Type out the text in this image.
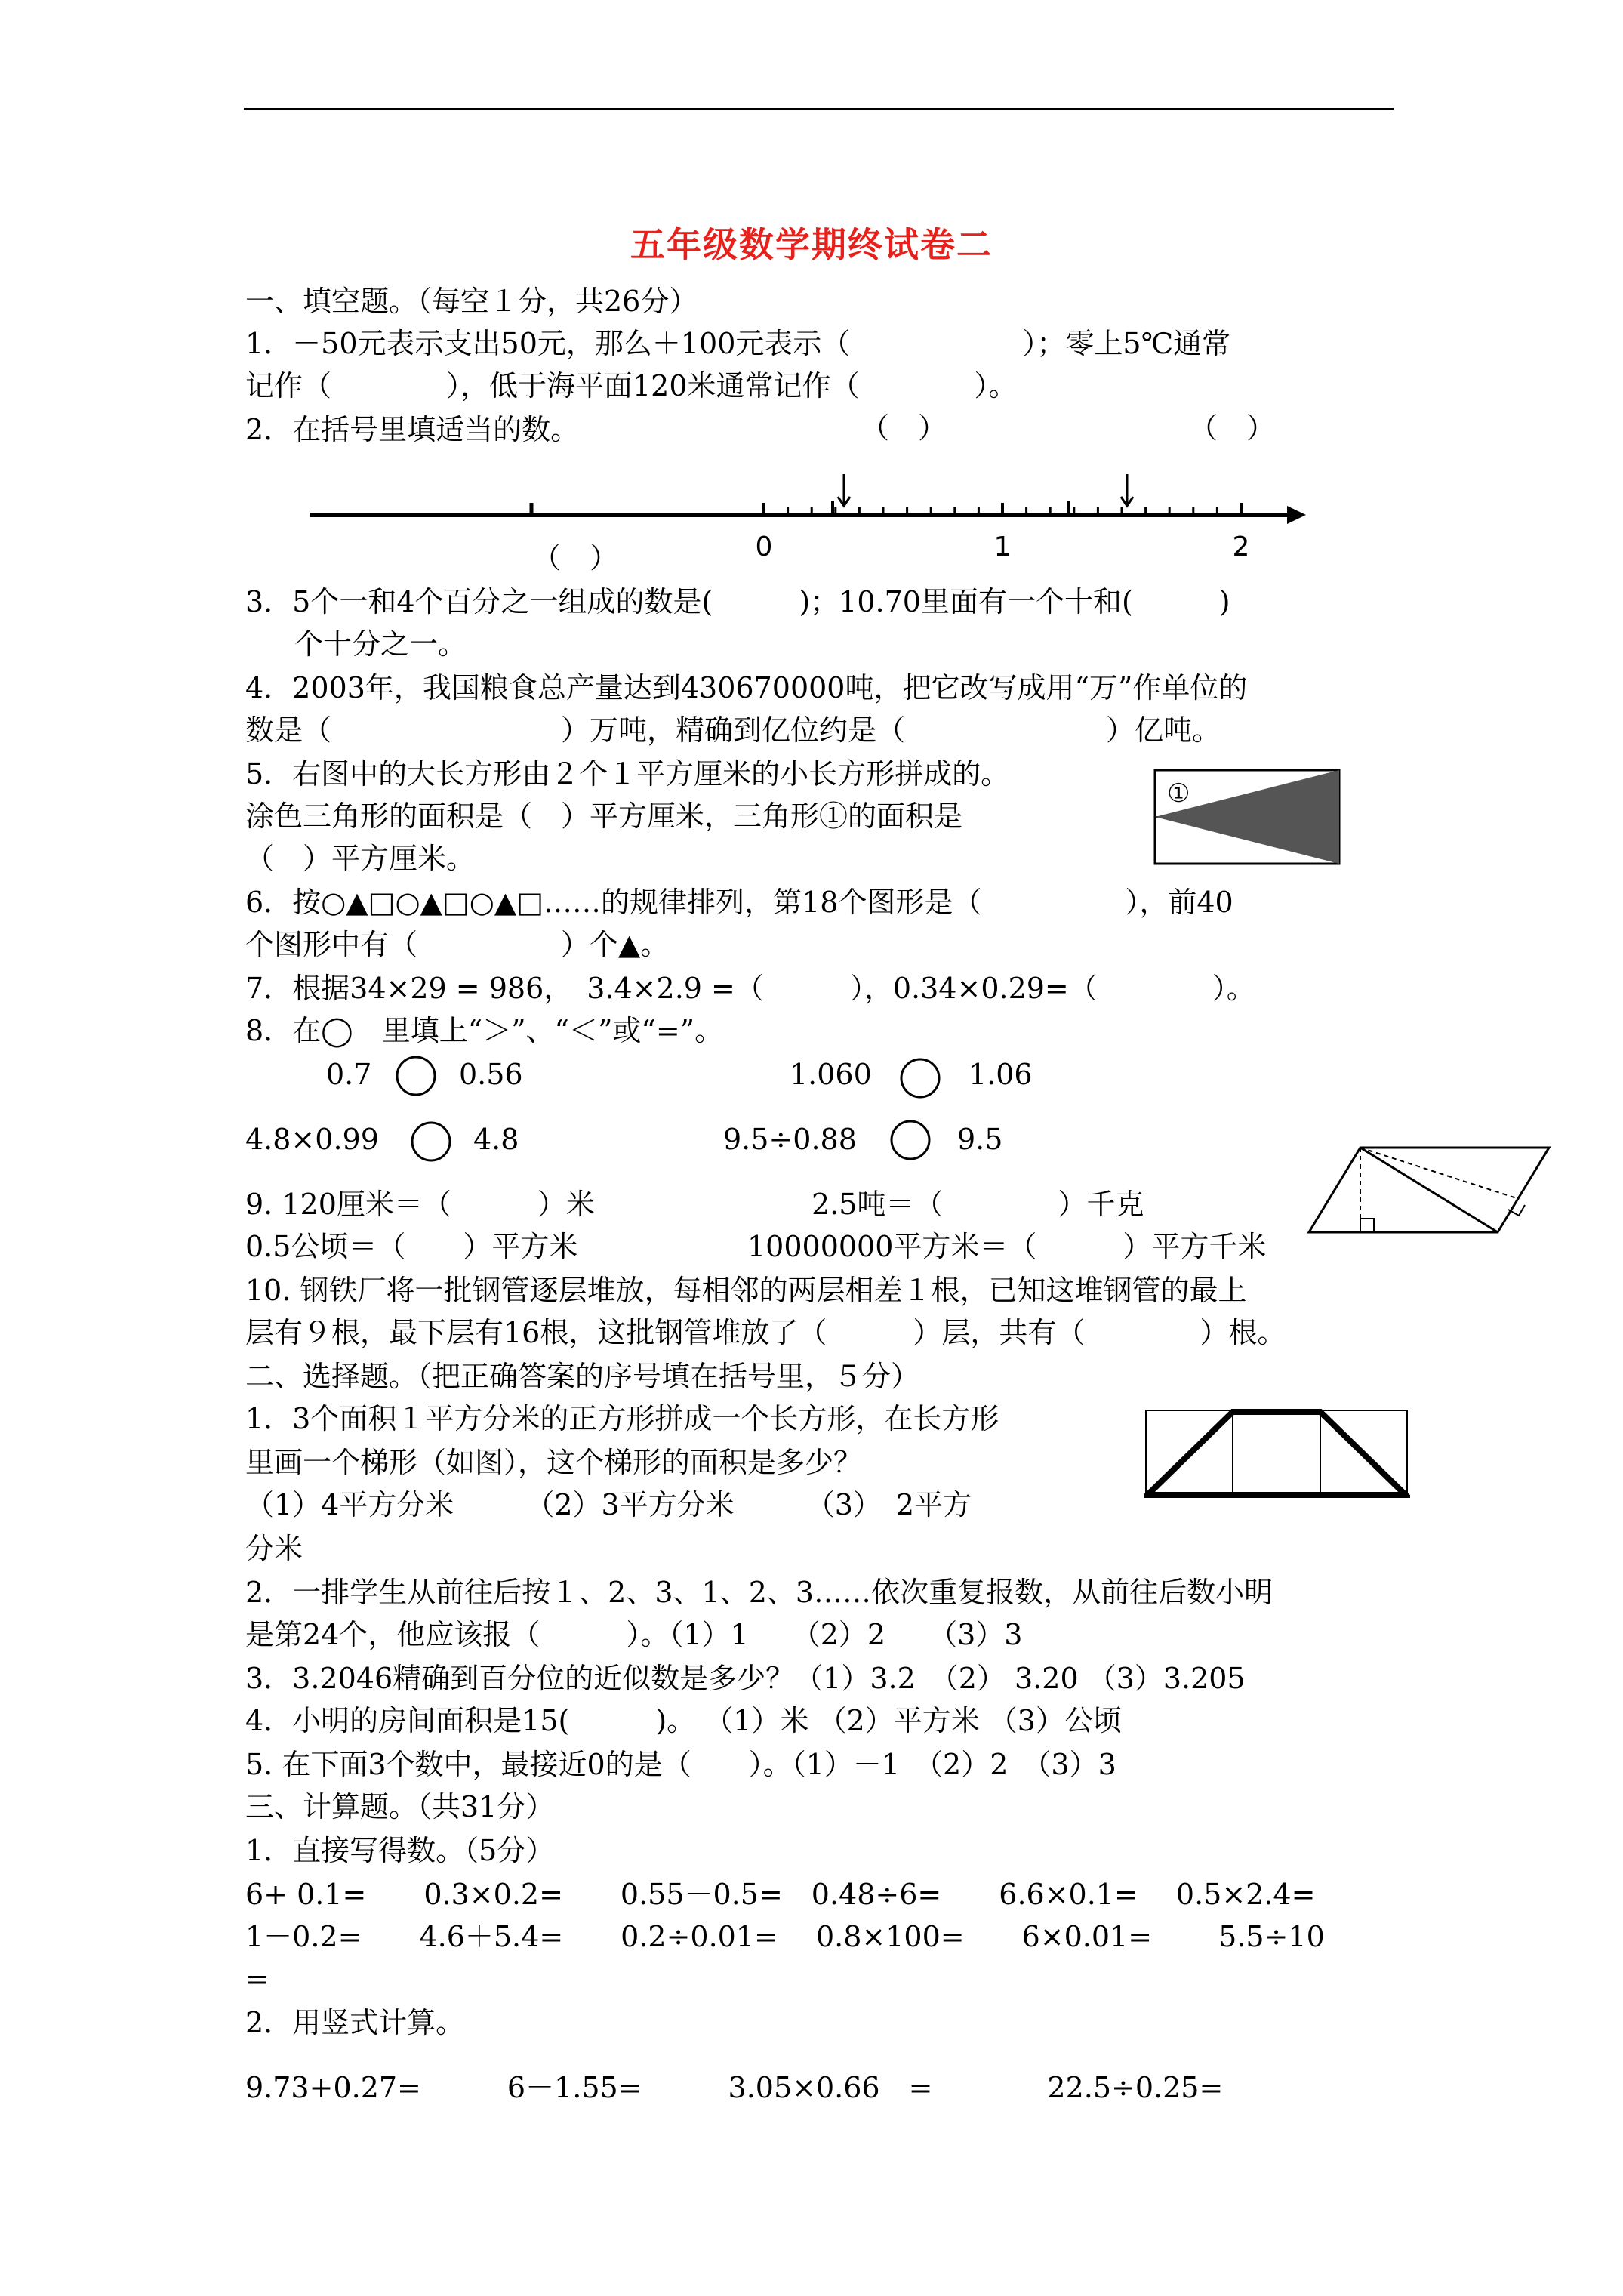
五年级数学期终试卷二
一、填空题。（每空１分，共26分）
1．－50元表示支出50元，那么＋100元表示（　　　　　　）；零上5℃通常
记作（　　　　），低于海平面120米通常记作（　　　　）。
2．在括号里填适当的数。	（　）	（　）
0	1	2
（　）
3．5个一和4个百分之一组成的数是(　　　)；10.70里面有一个十和(　　　)
个十分之一。
4．2003年，我国粮食总产量达到430670000吨，把它改写成用“万”作单位的
数是（　　　　　　　　）万吨，精确到亿位约是（　　　　　　　）亿吨。
5．右图中的大长方形由２个１平方厘米的小长方形拼成的。
涂色三角形的面积是（　）平方厘米，三角形①的面积是
（　）平方厘米。
①
6．按○▲□○▲□○▲□……的规律排列，第18个图形是（　　　　　），前40
个图形中有（　　　　　）个▲。
7．根据34×29 = 986，　3.4×2.9 =（　　　），0.34×0.29=（　　　　）。
8．在◯　里填上“＞”、“＜”或“=”。
0.7	0.56	1.060	1.06
4.8×0.99	4.8	9.5÷0.88	9.5
9. 120厘米＝（　　　）米	2.5吨＝（　　　　）千克
0.5公顷＝（　　）平方米	10000000平方米＝（　　　）平方千米
10. 钢铁厂将一批钢管逐层堆放，每相邻的两层相差１根，已知这堆钢管的最上
层有９根，最下层有16根，这批钢管堆放了（　　　）层，共有（　　　　）根。
二、选择题。（把正确答案的序号填在括号里，５分）
1．3个面积１平方分米的正方形拼成一个长方形，在长方形
里画一个梯形（如图），这个梯形的面积是多少？
（1）4平方分米　　　（2）3平方分米　　　（3）　2平方
分米
2．一排学生从前往后按１、2、3、1、2、3……依次重复报数，从前往后数小明
是第24个，他应该报（　　　）。（1）1　　（2）2　　（3）3
3．3.2046精确到百分位的近似数是多少？（1）3.2　（2） 3.20 （3）3.205
4．小明的房间面积是15(　　　)。 （1）米 （2）平方米 （3）公顷
5. 在下面3个数中，最接近0的是（　　）。（1）－1　（2）2　（3）3
三、计算题。（共31分）
1．直接写得数。（5分）
6+ 0.1=　　0.3×0.2=　　0.55－0.5=　0.48÷6=　　6.6×0.1=　 0.5×2.4=
1－0.2=　　4.6＋5.4=　　0.2÷0.01=　 0.8×100=　　6×0.01=　　 5.5÷10
=
2．用竖式计算。
9.73+0.27=　　　6－1.55=　　　3.05×0.66　=　　　　22.5÷0.25=
